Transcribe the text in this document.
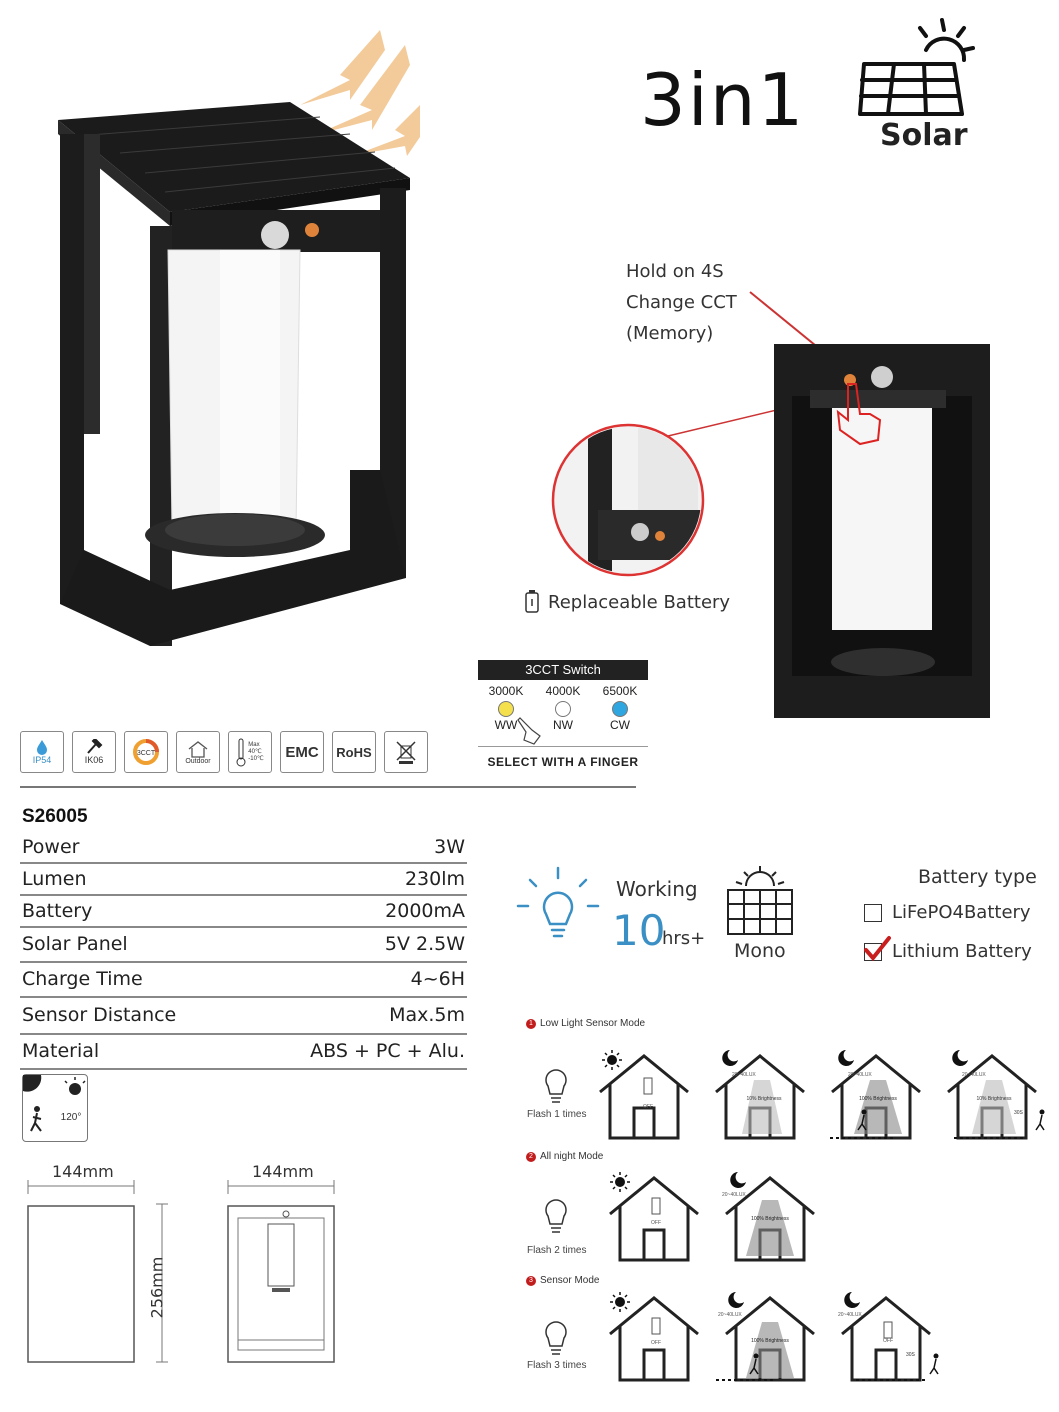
3in1 Solar
Hold on 4S
Change CCT
(Memory)
Replaceable Battery
3CCT Switch
3000K
WW
4000K
NW
6500K
CW
SELECT WITH A FINGER
IP54	IK06
3CCT
Outdoor
Max
40℃
-10℃	EMC	RoHS
S26005
Power	3W
Lumen	230lm
Battery	2000mA
Solar Panel	5V 2.5W
Charge Time	4~6H
Sensor Distance	Max.5m
Material	ABS + PC + Alu.
120°
144mm	144mm
256mm
Working
10
hrs+
Mono
Battery type
LiFePO4Battery
Lithium Battery
1 Low Light Sensor Mode
2 All night Mode
3 Sensor Mode
Flash 1 times
Flash 2 times
Flash 3 times
OFF
20~40LUX
10% Brightness
20~40LUX
100% Brightness
20~40LUX
10% Brightness
30S
OFF
20~40LUX
100% Brightness
OFF
20~40LUX
100% Brightness
20~40LUX
OFF
30S
